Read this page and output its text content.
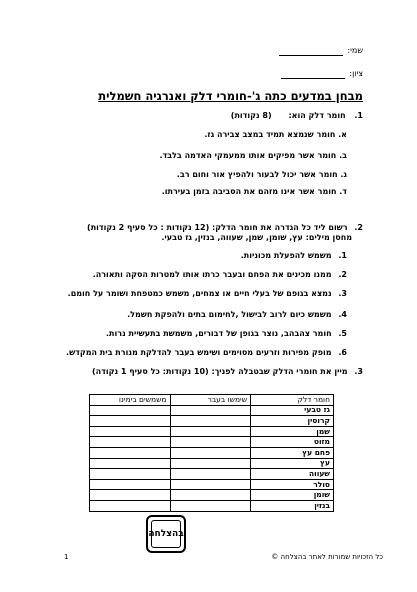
שמי:
ציון:
מבחן במדעים כתה ג'-חומרי דלק ואנרגיה חשמלית
1. חומר דלק הוא: (8 נקודות)
א. חומר שנמצא תמיד במצב צבירה גז.
ב. חומר אשר מפיקים אותו ממעמקי האדמה בלבד.
ג. חומר אשר יכול לבעור ולהפיץ אור וחום רב.
ד. חומר אשר אינו מזהם את הסביבה בזמן בעירתו.
2. רשום ליד כל הגדרה את חומר הדלק: (12 נקודות : כל סעיף 2 נקודות)
מחסן מילים: עץ, שומן, שמן, שעווה, בנזין, גז טבעי.
1. משמש להפעלת מכוניות.
2. ממנו מכינים את הפחם ובעבר כרתו אותו למטרות הסקה ותאורה.
3. נמצא בגופם של בעלי חיים או צמחים, משמש כמטפחת ושומר על חומם.
4. משמש כיום לרוב לבישול ,לחימום בתים ולהפקת חשמל.
5. חומר צהבהב, נוצר בגופן של דבורים, משמשת בתעשיית נרות.
6. מופק מפירות וזרעים מסוימים ושימש בעבר להדלקת מנורת בית המקדש.
3. מיין את חומרי הדלק שבטבלה לפניך: (10 נקודות: כל סעיף 1 נקודה)
חומר דלק	שימשו בעבר	משמשים בימינו
גז טבעי		
קרוסין		
שמן		
מזוט		
פחם עץ		
עץ		
שעווה		
סולר		
שומן		
בנזין		
בהצלחה
כל הזכויות שמורות לאתר בהצלחה ©
1
